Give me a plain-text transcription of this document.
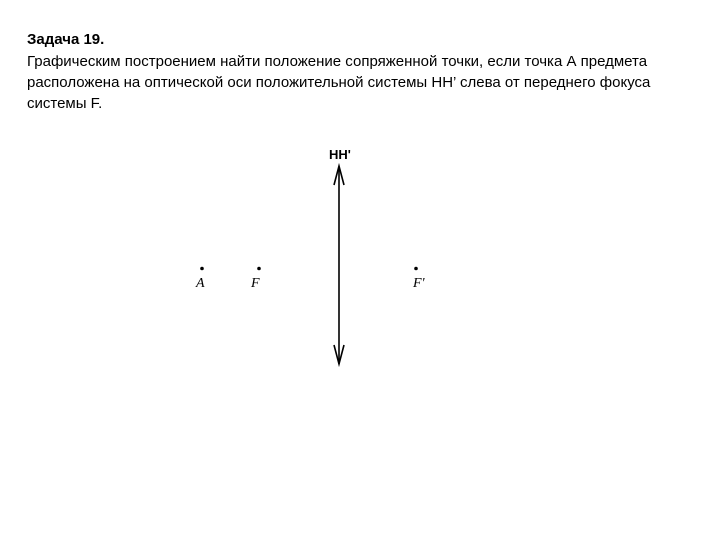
Задача 19.
Графическим построением найти положение сопряженной точки, если точка А предмета расположена на оптической оси положительной системы НН’ слева от переднего фокуса системы F.
HH'
A	F	F'
